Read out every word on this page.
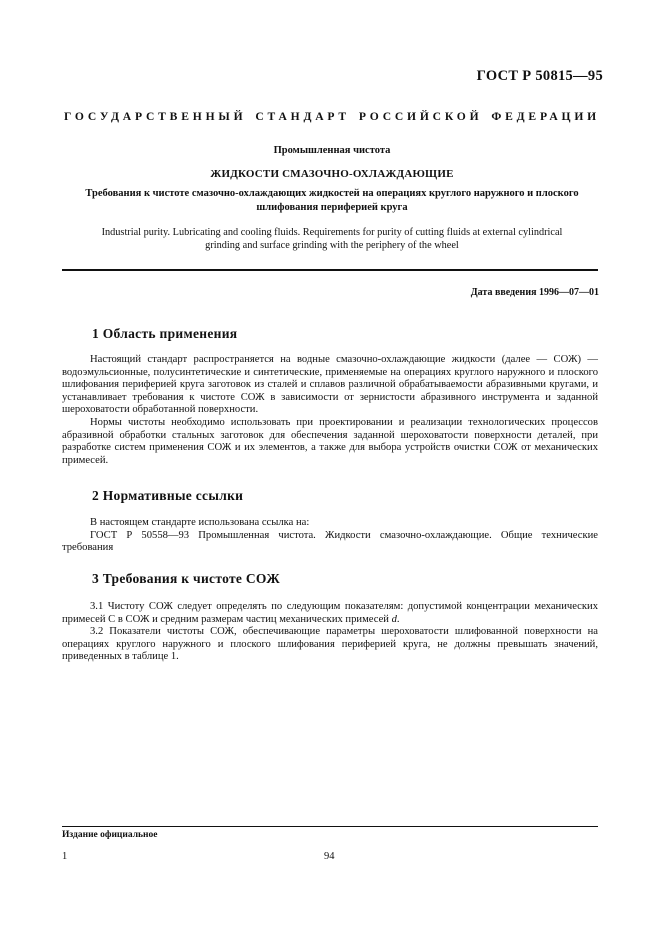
ГОСТ Р 50815—95
ГОСУДАРСТВЕННЫЙ СТАНДАРТ РОССИЙСКОЙ ФЕДЕРАЦИИ
Промышленная чистота
ЖИДКОСТИ СМАЗОЧНО-ОХЛАЖДАЮЩИЕ
Требования к чистоте смазочно-охлаждающих жидкостей на операциях круглого наружного и плоского
шлифования периферией круга
Industrial purity. Lubricating and cooling fluids. Requirements for purity of cutting fluids at external cylindrical
grinding and surface grinding with the periphery of the wheel
Дата введения 1996—07—01
1 Область применения

Настоящий стандарт распространяется на водные смазочно-охлаждающие жидкости (далее — СОЖ) — водоэмульсионные, полусинтетические и синтетические, применяемые на операциях круглого наружного и плоского шлифования периферией круга заготовок из сталей и сплавов различной обрабатываемости абразивными кругами, и устанавливает требования к чистоте СОЖ в зависимости от зернистости абразивного инструмента и заданной шероховатости обработанной поверхности.

Нормы чистоты необходимо использовать при проектировании и реализации технологических процессов абразивной обработки стальных заготовок для обеспечения заданной шероховатости поверхности деталей, при разработке систем применения СОЖ и их элементов, а также для выбора устройств очистки СОЖ от механических примесей.

2 Нормативные ссылки

В настоящем стандарте использована ссылка на:

ГОСТ Р 50558—93 Промышленная чистота. Жидкости смазочно-охлаждающие. Общие технические требования

3 Требования к чистоте СОЖ

3.1 Чистоту СОЖ следует определять по следующим показателям: допустимой концентрации механических примесей С в СОЖ и средним размерам частиц механических примесей d.

3.2 Показатели чистоты СОЖ, обеспечивающие параметры шероховатости шлифованной поверхности на операциях круглого наружного и плоского шлифования периферией круга, не должны превышать значений, приведенных в таблице 1.

Издание официальное
1	94
